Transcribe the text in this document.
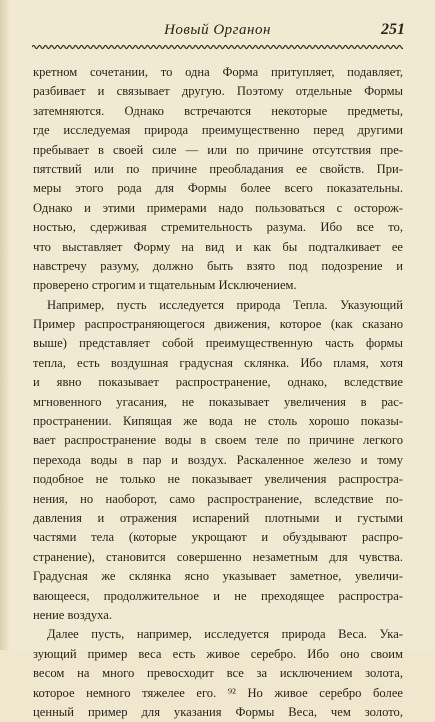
Новый Органон	251
кретном сочетании, то одна Форма притупляет, подавляет,
разбивает и связывает другую. Поэтому отдельные Формы
затемняются. Однако встречаются некоторые предметы,
где исследуемая природа преимущественно перед другими
пребывает в своей силе — или по причине отсутствия пре-
пятствий или по причине преобладания ее свойств. При-
меры этого рода для Формы более всего показательны.
Однако и этими примерами надо пользоваться с осторож-
ностью, сдерживая стремительность разума. Ибо все то,
что выставляет Форму на вид и как бы подталкивает ее
навстречу разуму, должно быть взято под подозрение и
проверено строгим и тщательным Исключением.
Например, пусть исследуется природа Тепла. Указующий
Пример распространяющегося движения, которое (как сказано
выше) представляет собой преимущественную часть формы
тепла, есть воздушная градусная склянка. Ибо пламя, хотя
и явно показывает распространение, однако, вследствие
мгновенного угасания, не показывает увеличения в рас-
пространении. Кипящая же вода не столь хорошо показы-
вает распространение воды в своем теле по причине легкого
перехода воды в пар и воздух. Раскаленное железо и тому
подобное не только не показывает увеличения распростра-
нения, но наоборот, само распространение, вследствие по-
давления и отражения испарений плотными и густыми
частями тела (которые укрощают и обуздывают распро-
странение), становится совершенно незаметным для чувства.
Градусная же склянка ясно указывает заметное, увеличи-
вающееся, продолжительное и не преходящее распростра-
нение воздуха.
Далее пусть, например, исследуется природа Веса. Ука-
зующий пример веса есть живое серебро. Ибо оно своим
весом на много превосходит все за исключением золота,
которое немного тяжелее его. ⁹² Но живое серебро более
ценный пример для указания Формы Веса, чем золото,
